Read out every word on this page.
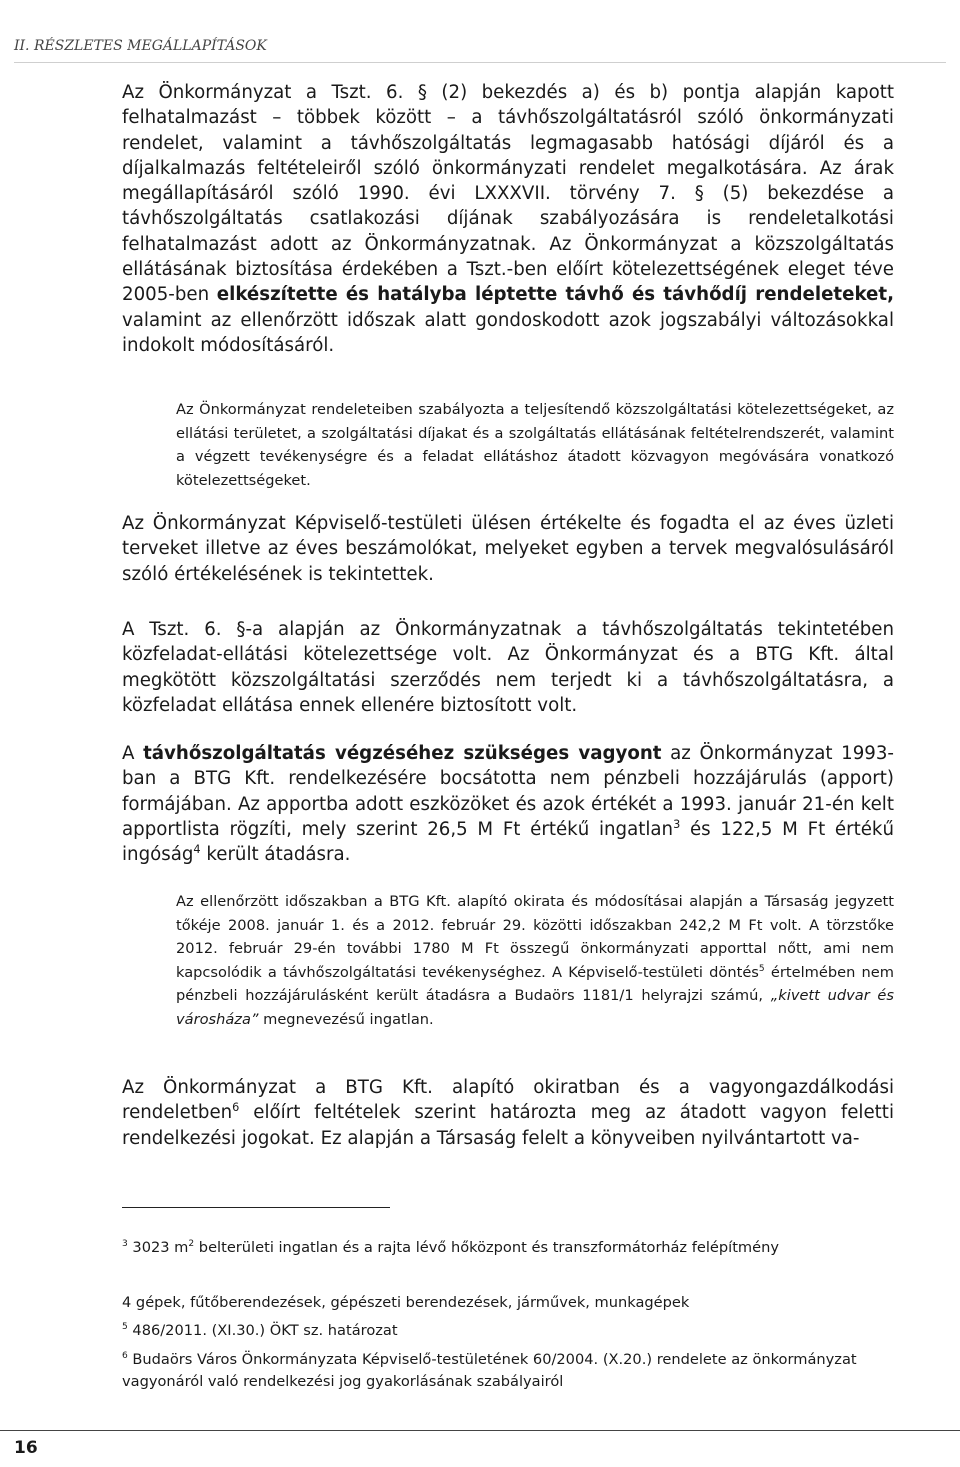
II. RÉSZLETES MEGÁLLAPÍTÁSOK
Az Önkormányzat a Tszt. 6. § (2) bekezdés a) és b) pontja alapján kapott felhatalmazást – többek között – a távhőszolgáltatásról szóló önkormányzati rendelet, valamint a távhőszolgáltatás legmagasabb hatósági díjáról és a díjalkalmazás feltételeiről szóló önkormányzati rendelet megalkotására. Az árak megállapításáról szóló 1990. évi LXXXVII. törvény 7. § (5) bekezdése a távhőszolgáltatás csatlakozási díjának szabályozására is rendeletalkotási felhatalmazást adott az Önkormányzatnak. Az Önkormányzat a közszolgáltatás ellátásának biztosítása érdekében a Tszt.-ben előírt kötelezettségének eleget téve 2005-ben elkészítette és hatályba léptette távhő és távhődíj rendeleteket, valamint az ellenőrzött időszak alatt gondoskodott azok jogszabályi változásokkal indokolt módosításáról.
Az Önkormányzat rendeleteiben szabályozta a teljesítendő közszolgáltatási kötelezettségeket, az ellátási területet, a szolgáltatási díjakat és a szolgáltatás ellátásának feltételrendszerét, valamint a végzett tevékenységre és a feladat ellátáshoz átadott közvagyon megóvására vonatkozó kötelezettségeket.
Az Önkormányzat Képviselő-testületi ülésen értékelte és fogadta el az éves üzleti terveket illetve az éves beszámolókat, melyeket egyben a tervek megvalósulásáról szóló értékelésének is tekintettek.
A Tszt. 6. §-a alapján az Önkormányzatnak a távhőszolgáltatás tekintetében közfeladat-ellátási kötelezettsége volt. Az Önkormányzat és a BTG Kft. által megkötött közszolgáltatási szerződés nem terjedt ki a távhőszolgáltatásra, a közfeladat ellátása ennek ellenére biztosított volt.
A távhőszolgáltatás végzéséhez szükséges vagyont az Önkormányzat 1993-ban a BTG Kft. rendelkezésére bocsátotta nem pénzbeli hozzájárulás (apport) formájában. Az apportba adott eszközöket és azok értékét a 1993. január 21-én kelt apportlista rögzíti, mely szerint 26,5 M Ft értékű ingatlan$^3$ és 122,5 M Ft értékű ingóság$^4$ került átadásra.
Az ellenőrzött időszakban a BTG Kft. alapító okirata és módosításai alapján a Társaság jegyzett tőkéje 2008. január 1. és a 2012. február 29. közötti időszakban 242,2 M Ft volt. A törzstőke 2012. február 29-én további 1780 M Ft összegű önkormányzati apporttal nőtt, ami nem kapcsolódik a távhőszolgáltatási tevékenységhez. A Képviselő-testületi döntés$^5$ értelmében nem pénzbeli hozzájárulásként került átadásra a Budaörs 1181/1 helyrajzi számú, „kivett udvar és városháza” megnevezésű ingatlan.
Az Önkormányzat a BTG Kft. alapító okiratban és a vagyongazdálkodási rendeletben$^6$ előírt feltételek szerint határozta meg az átadott vagyon feletti rendelkezési jogokat. Ez alapján a Társaság felelt a könyveiben nyilvántartott va-
$^3$ 3023 $m^2$ belterületi ingatlan és a rajta lévő hőközpont és transzformátorház felépítmény
4 gépek, fűtőberendezések, gépészeti berendezések, járművek, munkagépek
$^5$ 486/2011. (XI.30.) ÖKT sz. határozat
$^6$ Budaörs Város Önkormányzata Képviselő-testületének 60/2004. (X.20.) rendelete az önkormányzat vagyonáról való rendelkezési jog gyakorlásának szabályairól
16
